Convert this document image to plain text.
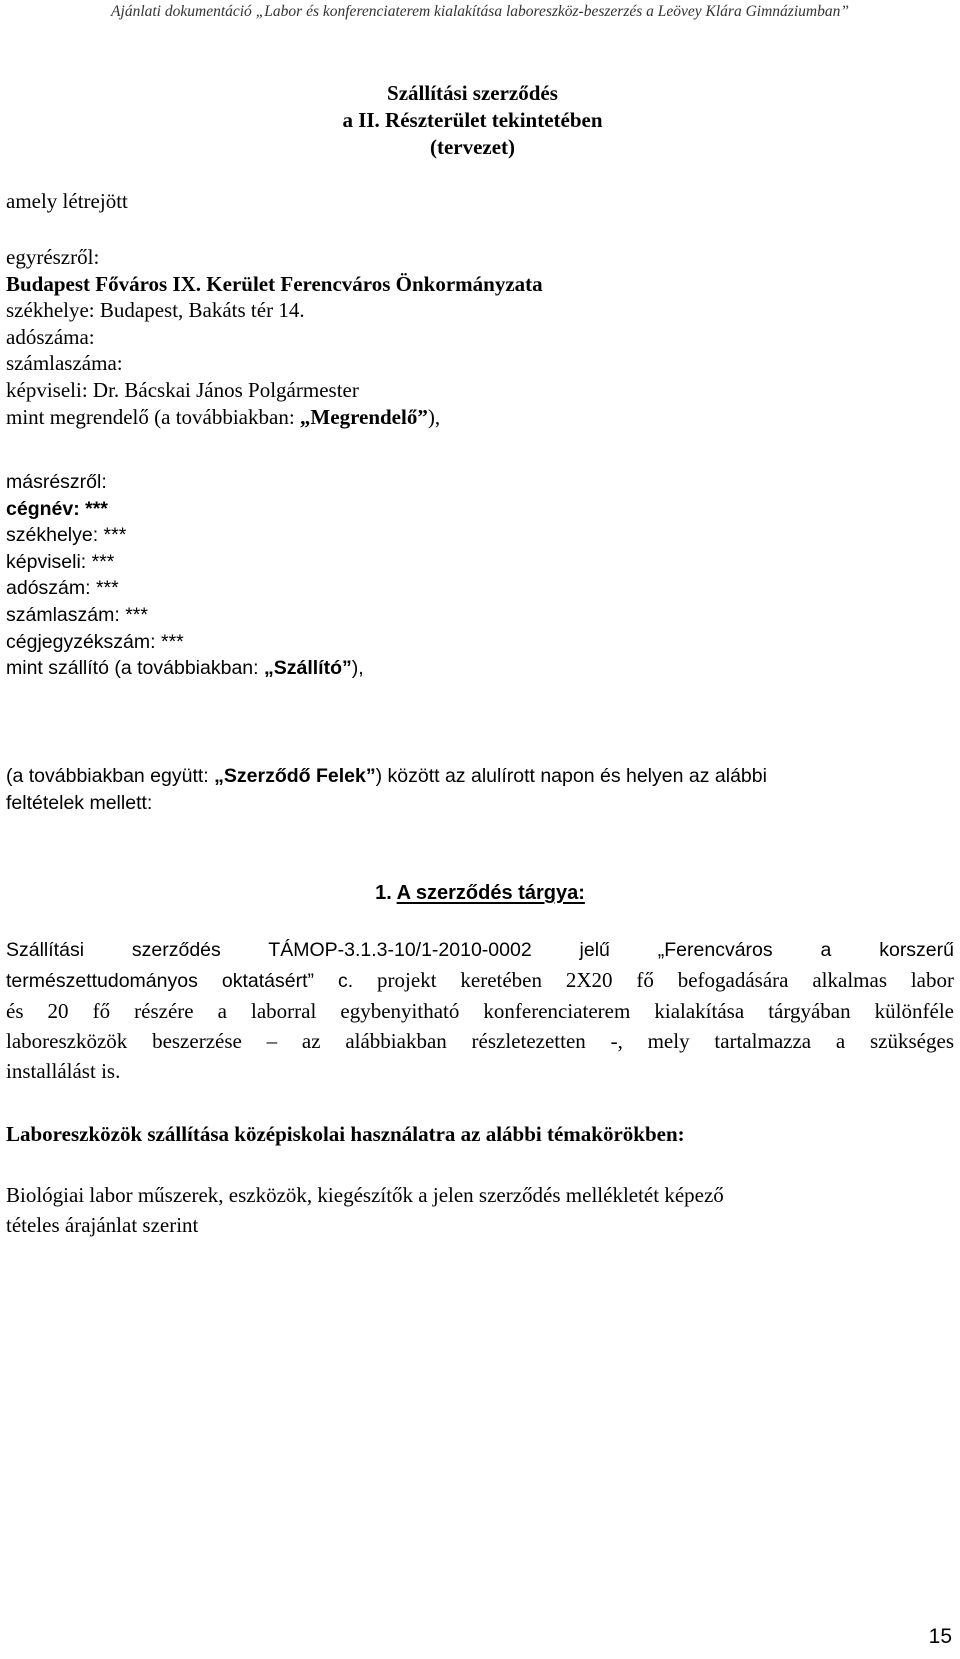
Ajánlati dokumentáció „Labor és konferenciaterem kialakítása laboreszköz-beszerzés a Leövey Klára Gimnáziumban”
Szállítási szerződés
a II. Részterület tekintetében
(tervezet)
amely létrejött
egyrészről:
Budapest Főváros IX. Kerület Ferencváros Önkormányzata
székhelye: Budapest, Bakáts tér 14.
adószáma:
számlaszáma:
képviseli: Dr. Bácskai János Polgármester
mint megrendelő (a továbbiakban: „Megrendelő”),
másrészről:
cégnév: ***
székhelye: ***
képviseli: ***
adószám: ***
számlaszám: ***
cégjegyzékszám: ***
mint szállító (a továbbiakban: „Szállító”),
(a továbbiakban együtt: „Szerződő Felek”) között az alulírott napon és helyen az alábbi
feltételek mellett:
1. A szerződés tárgya:
Szállítási szerződés TÁMOP-3.1.3-10/1-2010-0002 jelű „Ferencváros a korszerű
természettudományos oktatásért” c. projekt keretében 2X20 fő befogadására alkalmas labor
és 20 fő részére a laborral egybenyitható konferenciaterem kialakítása tárgyában különféle
laboreszközök beszerzése – az alábbiakban részletezetten -, mely tartalmazza a szükséges
installálást is.
Laboreszközök szállítása középiskolai használatra az alábbi témakörökben:
Biológiai labor műszerek, eszközök, kiegészítők a jelen szerződés mellékletét képező
tételes árajánlat szerint
15
